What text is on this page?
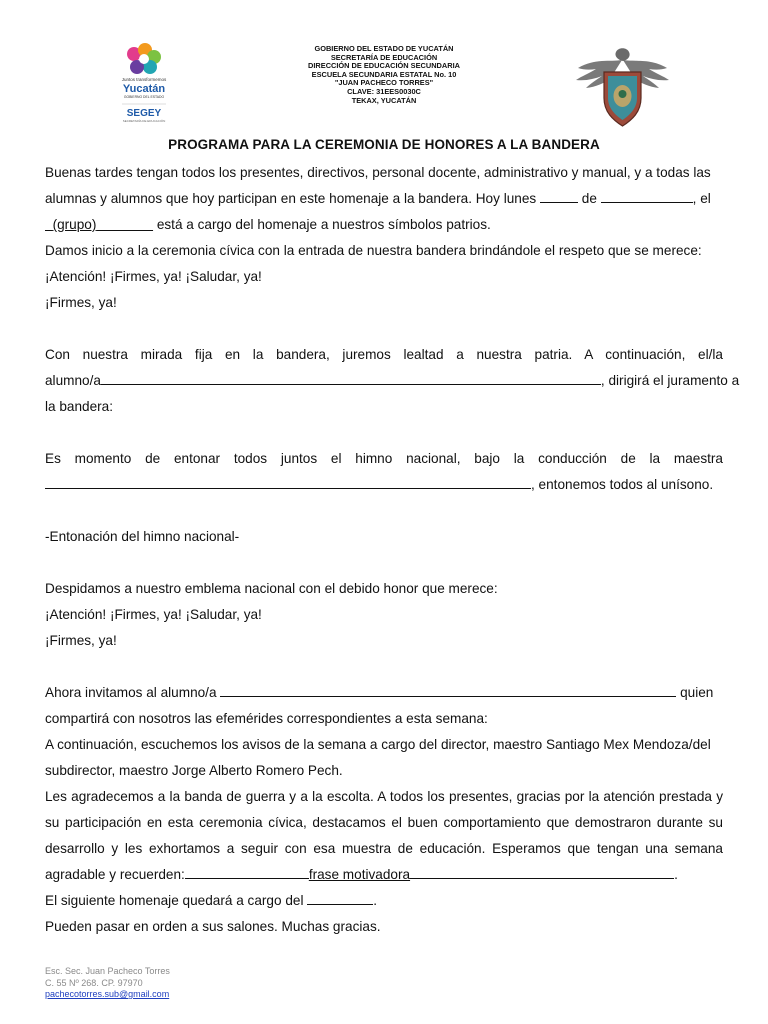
Juntos transformemos
Yucatán
GOBIERNO DEL ESTADO
SEGEY
SECRETARÍA DE EDUCACIÓN
GOBIERNO DEL ESTADO DE YUCATÁN
SECRETARÍA DE EDUCACIÓN
DIRECCIÓN DE EDUCACIÓN SECUNDARIA
ESCUELA SECUNDARIA ESTATAL No. 10
"JUAN PACHECO TORRES"
CLAVE: 31EES0030C
TEKAX, YUCATÁN
PROGRAMA PARA LA CEREMONIA DE HONORES A LA BANDERA
Buenas tardes tengan todos los presentes, directivos, personal docente, administrativo y manual, y a todas las
alumnas y alumnos que hoy participan en este homenaje a la bandera. Hoy lunes	de	, el
(grupo)	está a cargo del homenaje a nuestros símbolos patrios.
Damos inicio a la ceremonia cívica con la entrada de nuestra bandera brindándole el respeto que se merece:
¡Atención! ¡Firmes, ya! ¡Saludar, ya!
¡Firmes, ya!
Con nuestra mirada fija en la bandera, juremos lealtad a nuestra patria. A continuación, el/la
alumno/a	, dirigirá el juramento a
la bandera:
Es momento de entonar todos juntos el himno nacional, bajo la conducción de la maestra
, entonemos todos al unísono.
-Entonación del himno nacional-
Despidamos a nuestro emblema nacional con el debido honor que merece:
¡Atención! ¡Firmes, ya! ¡Saludar, ya!
¡Firmes, ya!
Ahora invitamos al alumno/a	quien
compartirá con nosotros las efemérides correspondientes a esta semana:
A continuación, escuchemos los avisos de la semana a cargo del director, maestro Santiago Mex Mendoza/del
subdirector, maestro Jorge Alberto Romero Pech.
Les agradecemos a la banda de guerra y a la escolta. A todos los presentes, gracias por la atención prestada y
su participación en esta ceremonia cívica, destacamos el buen comportamiento que demostraron durante su
desarrollo y les exhortamos a seguir con esa muestra de educación. Esperamos que tengan una semana
agradable y recuerden:	frase motivadora	.
El siguiente homenaje quedará a cargo del	.
Pueden pasar en orden a sus salones. Muchas gracias.
Esc. Sec. Juan Pacheco Torres
C. 55 Nº 268. CP. 97970
pachecotorres.sub@gmail.com
